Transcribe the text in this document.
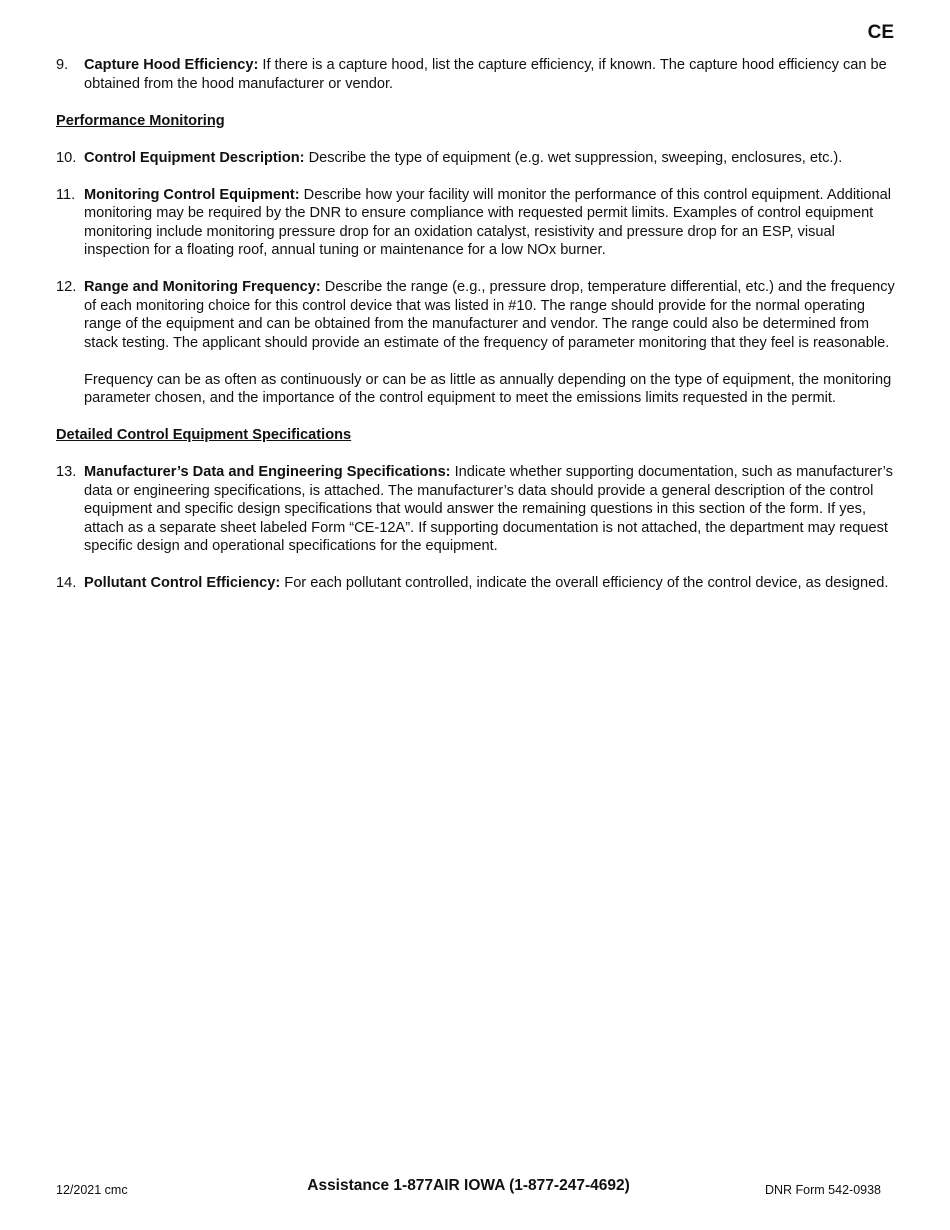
CE
9.	Capture Hood Efficiency: If there is a capture hood, list the capture efficiency, if known. The capture hood efficiency can be obtained from the hood manufacturer or vendor.

Performance Monitoring
10. Control Equipment Description: Describe the type of equipment (e.g. wet suppression, sweeping, enclosures, etc.).

11. Monitoring Control Equipment: Describe how your facility will monitor the performance of this control equipment. Additional monitoring may be required by the DNR to ensure compliance with requested permit limits. Examples of control equipment monitoring include monitoring pressure drop for an oxidation catalyst, resistivity and pressure drop for an ESP, visual inspection for a floating roof, annual tuning or maintenance for a low NOx burner.

12. Range and Monitoring Frequency: Describe the range (e.g., pressure drop, temperature differential, etc.) and the frequency of each monitoring choice for this control device that was listed in #10. The range should provide for the normal operating range of the equipment and can be obtained from the manufacturer and vendor. The range could also be determined from stack testing. The applicant should provide an estimate of the frequency of parameter monitoring that they feel is reasonable.

Frequency can be as often as continuously or can be as little as annually depending on the type of equipment, the monitoring parameter chosen, and the importance of the control equipment to meet the emissions limits requested in the permit.

Detailed Control Equipment Specifications
13. Manufacturer’s Data and Engineering Specifications: Indicate whether supporting documentation, such as manufacturer’s data or engineering specifications, is attached. The manufacturer’s data should provide a general description of the control equipment and specific design specifications that would answer the remaining questions in this section of the form. If yes, attach as a separate sheet labeled Form “CE-12A”. If supporting documentation is not attached, the department may request specific design and operational specifications for the equipment.

14. Pollutant Control Efficiency: For each pollutant controlled, indicate the overall efficiency of the control device, as designed.

12/2021 cmc	Assistance 1-877AIR IOWA (1-877-247-4692)	DNR Form 542-0938
